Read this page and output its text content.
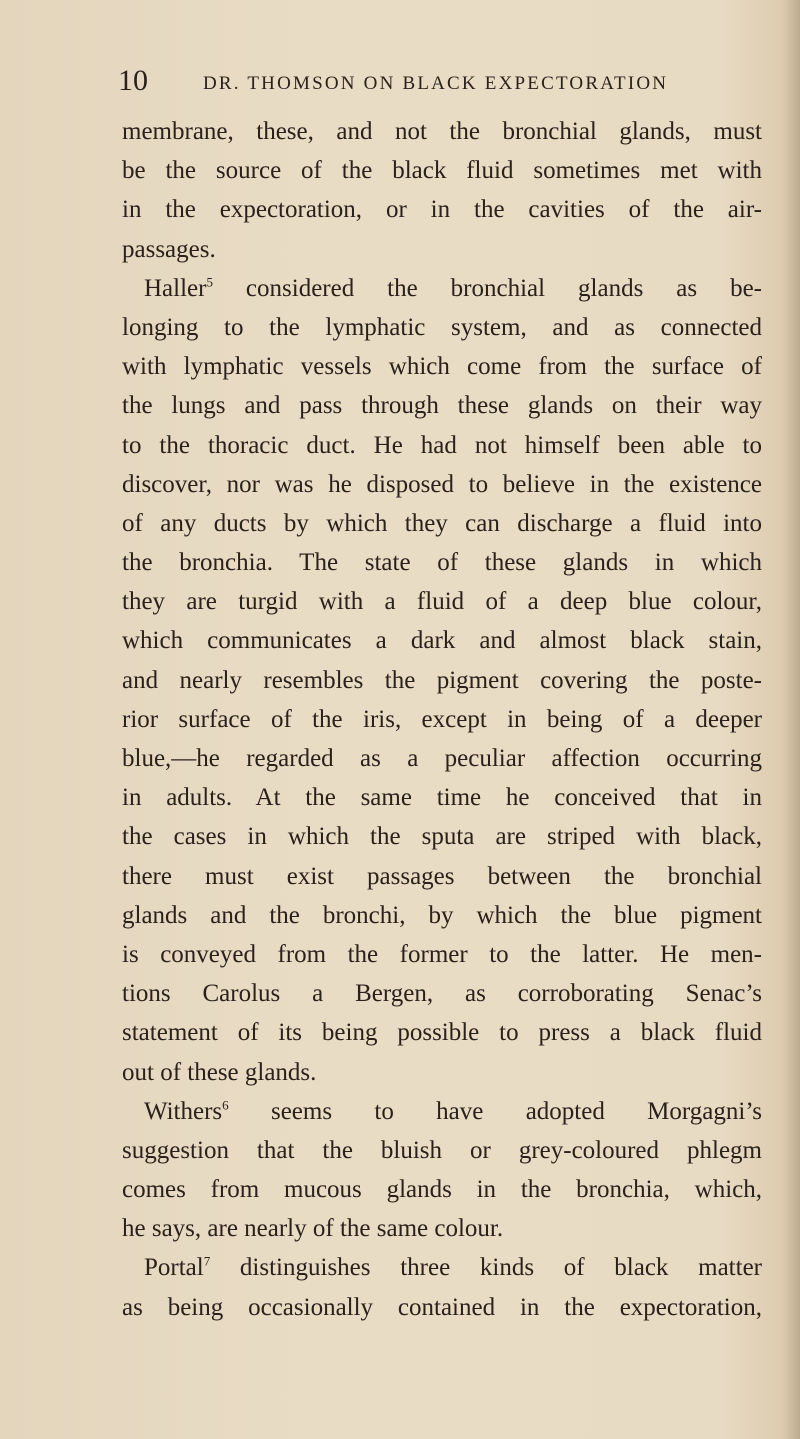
10	DR. THOMSON ON BLACK EXPECTORATION
membrane, these, and not the bronchial glands, must
be the source of the black fluid sometimes met with
in the expectoration, or in the cavities of the air-
passages.
Haller$^5$ considered the bronchial glands as be-
longing to the lymphatic system, and as connected
with lymphatic vessels which come from the surface of
the lungs and pass through these glands on their way
to the thoracic duct. He had not himself been able to
discover, nor was he disposed to believe in the existence
of any ducts by which they can discharge a fluid into
the bronchia. The state of these glands in which
they are turgid with a fluid of a deep blue colour,
which communicates a dark and almost black stain,
and nearly resembles the pigment covering the poste-
rior surface of the iris, except in being of a deeper
blue,—he regarded as a peculiar affection occurring
in adults. At the same time he conceived that in
the cases in which the sputa are striped with black,
there must exist passages between the bronchial
glands and the bronchi, by which the blue pigment
is conveyed from the former to the latter. He men-
tions Carolus a Bergen, as corroborating Senac’s
statement of its being possible to press a black fluid
out of these glands.
Withers$^6$ seems to have adopted Morgagni’s
suggestion that the bluish or grey-coloured phlegm
comes from mucous glands in the bronchia, which,
he says, are nearly of the same colour.
Portal$^7$ distinguishes three kinds of black matter
as being occasionally contained in the expectoration,
